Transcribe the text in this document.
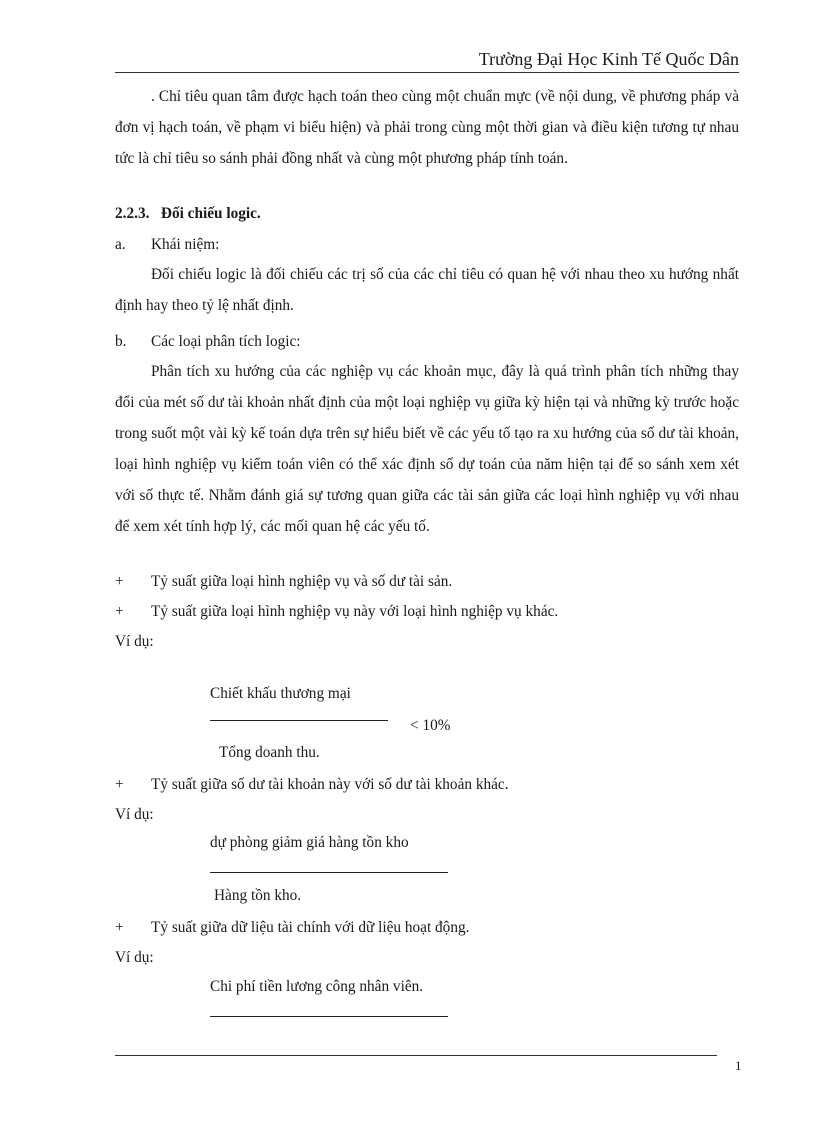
Trường Đại Học Kinh Tế Quốc Dân

. Chỉ tiêu quan tâm được hạch toán theo cùng một chuẩn mực (về nội dung, về phương pháp và đơn vị hạch toán, về phạm vi biểu hiện) và phải trong cùng một thời gian và điều kiện tương tự nhau tức là chỉ tiêu so sánh phải đồng nhất và cùng một phương pháp tính toán.

2.2.3. Đối chiếu logic.
a. Khái niệm:

Đối chiếu logic là đối chiếu các trị số của các chỉ tiêu có quan hệ với nhau theo xu hướng nhất định hay theo tỷ lệ nhất định.

b. Các loại phân tích logic:

Phân tích xu hướng của các nghiệp vụ các khoản mục, đây là quá trình phân tích những thay đổi của mét số dư tài khoản nhất định của một loại nghiệp vụ giữa kỳ hiện tại và những kỳ trước hoặc trong suốt một vài kỳ kế toán dựa trên sự hiểu biết về các yếu tố tạo ra xu hướng của số dư tài khoản, loại hình nghiệp vụ kiểm toán viên có thể xác định số dự toán của năm hiện tại để so sánh xem xét với số thực tế. Nhằm đánh giá sự tương quan giữa các tài sản giữa các loại hình nghiệp vụ với nhau để xem xét tính hợp lý, các mối quan hệ các yếu tố.

+ Tỷ suất giữa loại hình nghiệp vụ và số dư tài sản.
+ Tỷ suất giữa loại hình nghiệp vụ này với loại hình nghiệp vụ khác.
Ví dụ:
Chiết khấu thương mại
< 10%
Tổng doanh thu.
+ Tỷ suất giữa số dư tài khoản này với số dư tài khoản khác.
Ví dụ:
dự phòng giảm giá hàng tồn kho
Hàng tồn kho.
+ Tỷ suất giữa dữ liệu tài chính với dữ liệu hoạt động.
Ví dụ:
Chi phí tiền lương công nhân viên.
1
